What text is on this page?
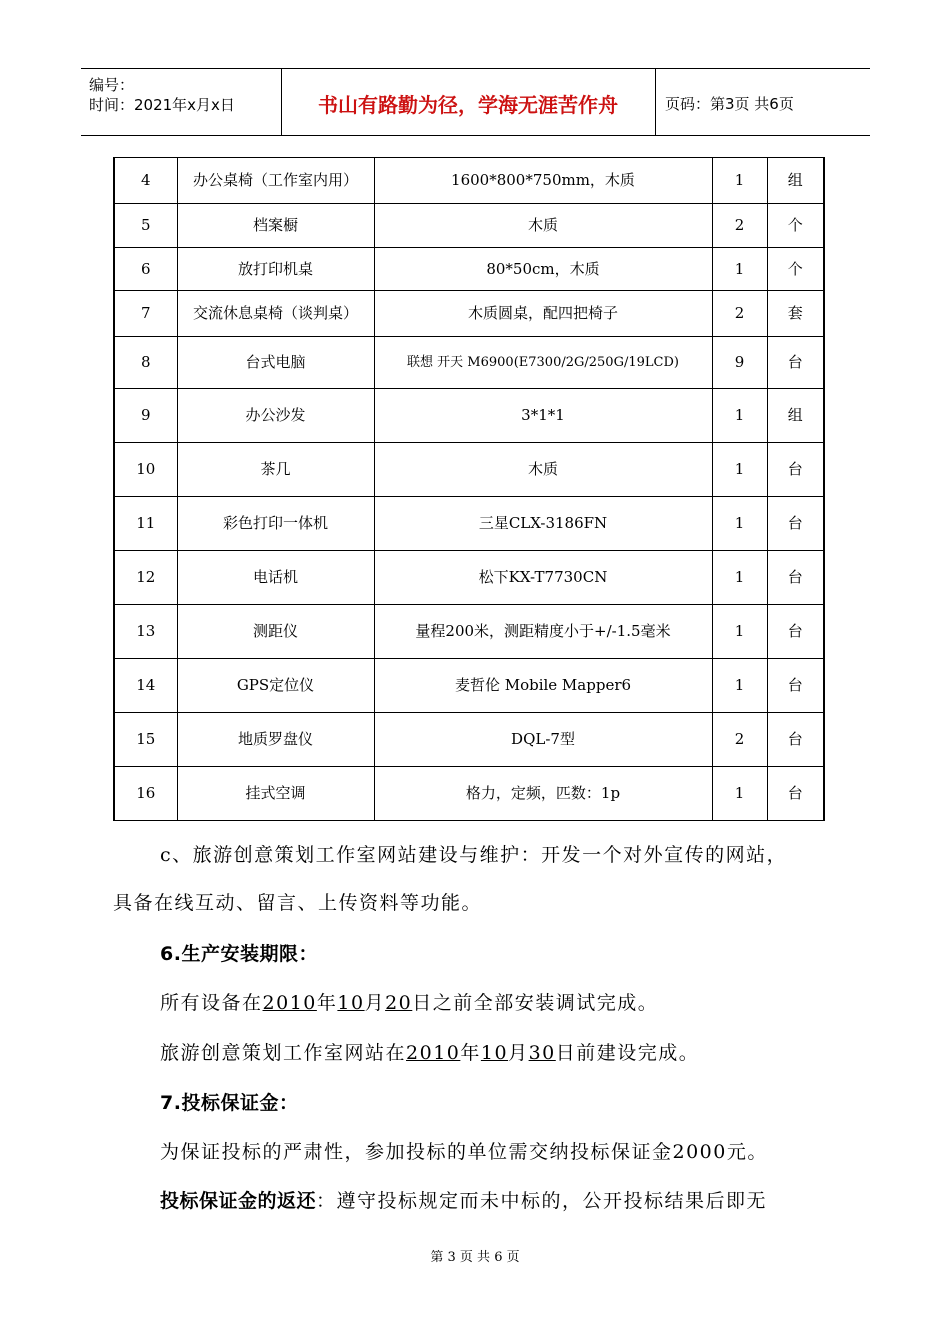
编号：
时间：2021年x月x日	书山有路勤为径，学海无涯苦作舟	页码：第3页 共6页
4	办公桌椅（工作室内用）	1600*800*750mm，木质	1	组
5	档案橱	木质	2	个
6	放打印机桌	80*50cm，木质	1	个
7	交流休息桌椅（谈判桌）	木质圆桌，配四把椅子	2	套
8	台式电脑	联想 开天 M6900(E7300/2G/250G/19LCD)	9	台
9	办公沙发	3*1*1	1	组
10	茶几	木质	1	台
11	彩色打印一体机	三星CLX-3186FN	1	台
12	电话机	松下KX-T7730CN	1	台
13	测距仪	量程200米，测距精度小于+/-1.5毫米	1	台
14	GPS定位仪	麦哲伦 Mobile Mapper6	1	台
15	地质罗盘仪	DQL-7型	2	台
16	挂式空调	格力，定频，匹数：1p	1	台
c、旅游创意策划工作室网站建设与维护：开发一个对外宣传的网站，
具备在线互动、留言、上传资料等功能。
6.生产安装期限：
所有设备在2010年10月20日之前全部安装调试完成。
旅游创意策划工作室网站在2010年10月30日前建设完成。
7.投标保证金：
为保证投标的严肃性，参加投标的单位需交纳投标保证金2000元。
投标保证金的返还：遵守投标规定而未中标的，公开投标结果后即无
第 3 页 共 6 页
